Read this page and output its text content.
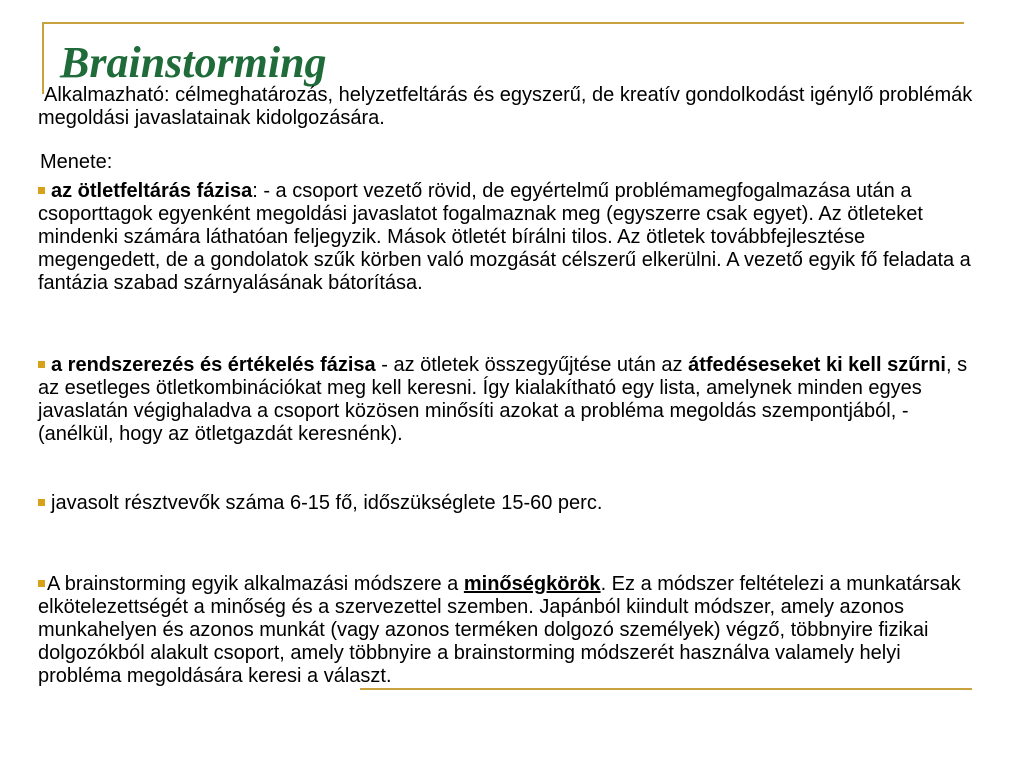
Brainstorming

Alkalmazható: célmeghatározás, helyzetfeltárás és egyszerű, de kreatív gondolkodást igénylő problémák megoldási javaslatainak kidolgozására.

Menete:

az ötletfeltárás fázisa: - a csoport vezető rövid, de egyértelmű problémamegfogalmazása után a csoporttagok egyenként megoldási javaslatot fogalmaznak meg (egyszerre csak egyet). Az ötleteket mindenki számára láthatóan feljegyzik. Mások ötletét bírálni tilos. Az ötletek továbbfejlesztése megengedett, de a gondolatok szűk körben való mozgását célszerű elkerülni. A vezető egyik fő feladata a fantázia szabad szárnyalásának bátorítása.

a rendszerezés és értékelés fázisa - az ötletek összegyűjtése után az átfedéseseket ki kell szűrni, s az esetleges ötletkombinációkat meg kell keresni. Így kialakítható egy lista, amelynek minden egyes javaslatán végighaladva a csoport közösen minősíti azokat a probléma megoldás szempontjából, -(anélkül, hogy az ötletgazdát keresnénk).

javasolt résztvevők száma 6-15 fő, időszükséglete 15-60 perc.

A brainstorming egyik alkalmazási módszere a minőségkörök. Ez a módszer feltételezi a munkatársak elkötelezettségét a minőség és a szervezettel szemben. Japánból kiindult módszer, amely azonos munkahelyen és azonos munkát (vagy azonos terméken dolgozó személyek) végző, többnyire fizikai dolgozókból alakult csoport, amely többnyire a brainstorming módszerét használva valamely helyi probléma megoldására keresi a választ.
